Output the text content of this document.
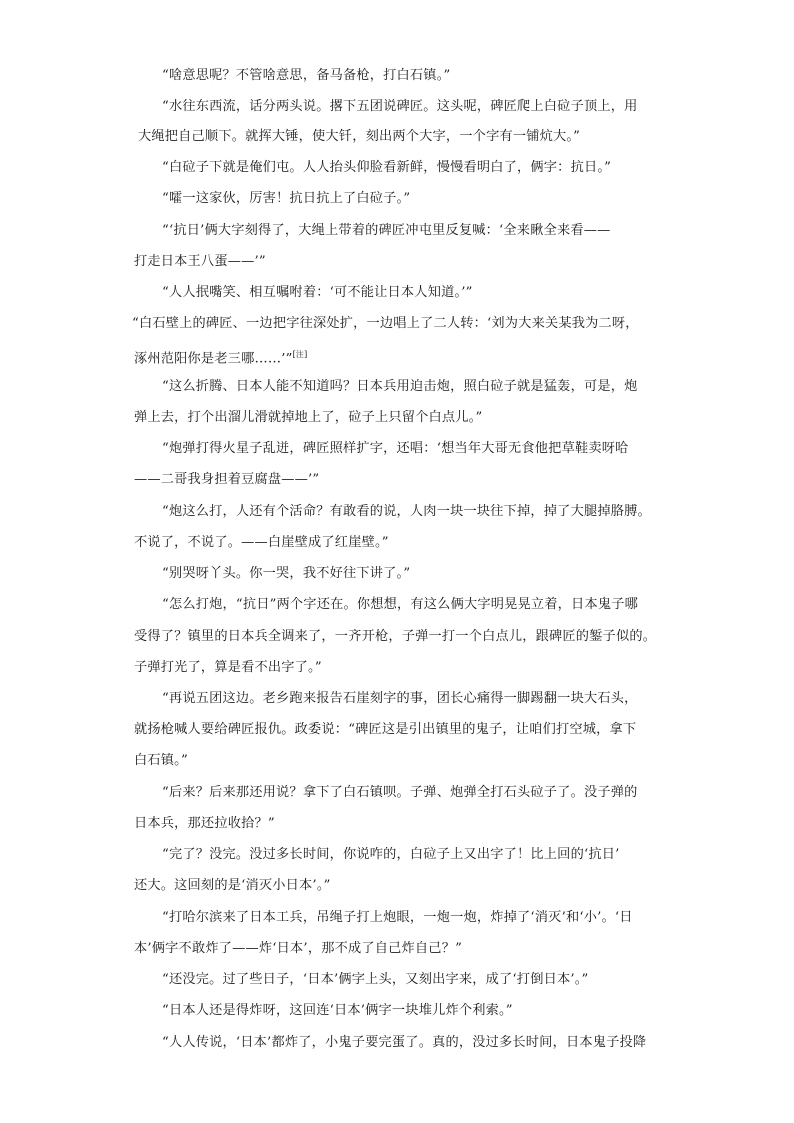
“啥意思呢？不管啥意思，备马备枪，打白石镇。”
“水往东西流，话分两头说。撂下五团说碑匠。这头呢，碑匠爬上白砬子顶上，用
大绳把自己顺下。就挥大锤，使大钎，刻出两个大字，一个字有一铺炕大。”
“白砬子下就是俺们屯。人人抬头仰脸看新鲜，慢慢看明白了，俩字：抗日。”
“嚯一这家伙，厉害！抗日抗上了白砬子。”
“‘抗日’俩大字刻得了，大绳上带着的碑匠冲屯里反复喊：‘全来瞅全来看——
打走日本王八蛋——’”
“人人抿嘴笑、相互嘱咐着：‘可不能让日本人知道。’”
“白石壁上的碑匠、一边把字往深处扩，一边唱上了二人转：‘刘为大来关某我为二呀，
涿州范阳你是老三哪……’”[注]
“这么折腾、日本人能不知道吗？日本兵用迫击炮，照白砬子就是猛轰，可是，炮
弹上去，打个出溜儿滑就掉地上了，砬子上只留个白点儿。”
“炮弹打得火星子乱迸，碑匠照样扩字，还唱：‘想当年大哥无食他把草鞋卖呀哈
——二哥我身担着豆腐盘——’”
“炮这么打，人还有个活命？有敢看的说，人肉一块一块往下掉，掉了大腿掉胳膊。
不说了，不说了。——白崖壁成了红崖壁。”
“别哭呀丫头。你一哭，我不好往下讲了。”
“怎么打炮，“抗日”两个字还在。你想想，有这么俩大字明晃晃立着，日本鬼子哪
受得了？镇里的日本兵全调来了，一齐开枪，子弹一打一个白点儿，跟碑匠的錾子似的。
子弹打光了，算是看不出字了。”
“再说五团这边。老乡跑来报告石崖刻字的事，团长心痛得一脚踢翻一块大石头，
就扬枪喊人要给碑匠报仇。政委说：“碑匠这是引出镇里的鬼子，让咱们打空城，拿下
白石镇。”
“后来？后来那还用说？拿下了白石镇呗。子弹、炮弹全打石头砬子了。没子弹的
日本兵，那还拉收拾？”
“完了？没完。没过多长时间，你说咋的，白砬子上又出字了！比上回的‘抗日’
还大。这回刻的是‘消灭小日本’。”
“打哈尔滨来了日本工兵，吊绳子打上炮眼，一炮一炮，炸掉了‘消灭’和‘小’。‘日
本’俩字不敢炸了——炸‘日本’，那不成了自己炸自己？”
“还没完。过了些日子，‘日本’俩字上头，又刻出字来，成了‘打倒日本’。”
“日本人还是得炸呀，这回连‘日本’俩字一块堆儿炸个利索。”
“人人传说，‘日本’都炸了，小鬼子要完蛋了。真的，没过多长时间，日本鬼子投降
